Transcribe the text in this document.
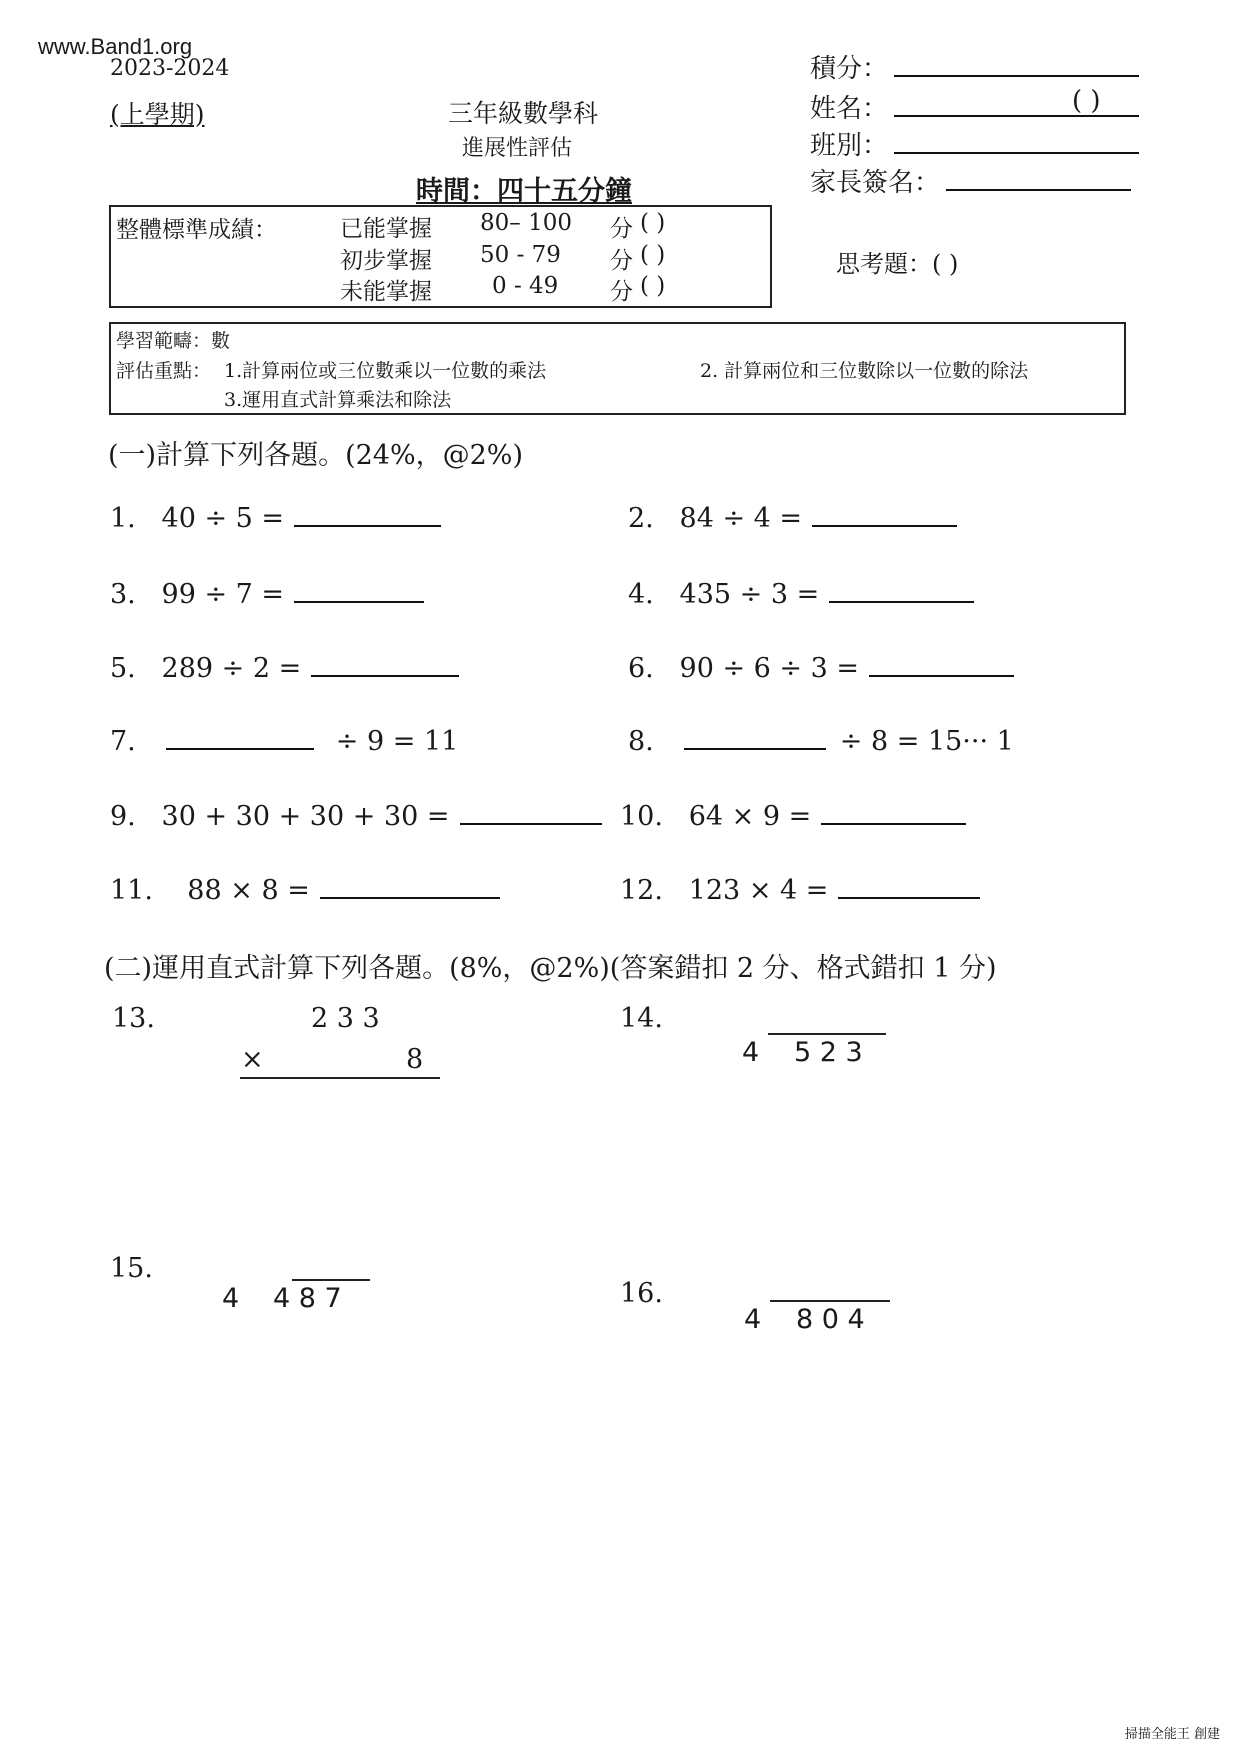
www.Band1.org
2023-2024
(上學期)	三年級數學科
進展性評估
時間：四十五分鐘
積分：
姓名：	( )
班別：
家長簽名：
整體標準成績：	已能掌握 80– 100 分 ( )
初步掌握 50 - 79 分 ( )
未能掌握	0 - 49 分 ( )
思考題：( )
學習範疇：數
評估重點： 1.計算兩位或三位數乘以一位數的乘法	2. 計算兩位和三位數除以一位數的除法
3.運用直式計算乘法和除法
(一)計算下列各題。(24%，@2%)
1. 40 ÷ 5 =	2. 84 ÷ 4 =
3. 99 ÷ 7 =	4. 435 ÷ 3 =
5. 289 ÷ 2 =	6. 90 ÷ 6 ÷ 3 =
7.	÷ 9 = 11	8.	÷ 8 = 15··· 1
9. 30 + 30 + 30 + 30 =	10. 64 × 9 =
11. 88 × 8 =	12. 123 × 4 =
(二)運用直式計算下列各題。(8%，@2%)(答案錯扣 2 分、格式錯扣 1 分)
13.	2 3 3
×	8
14.
4 5 2 3
15.
4 4 8 7	16.
4 8 0 4
掃描全能王 創建
